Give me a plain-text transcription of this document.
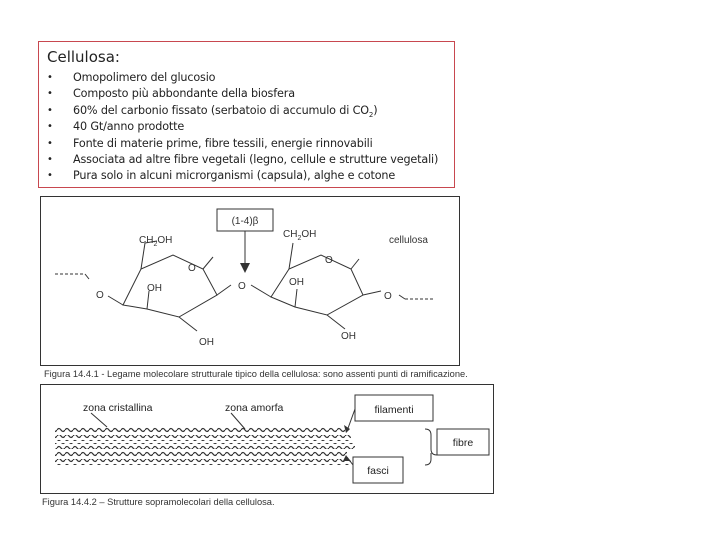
Cellulosa:
• Omopolimero del glucosio
• Composto più abbondante della biosfera
• 60% del carbonio fissato (serbatoio di accumulo di $CO_2$)
• 40 Gt/anno prodotte
• Fonte di materie prime, fibre tessili, energie rinnovabili
• Associata ad altre fibre vegetali (legno, cellule e strutture vegetali)
• Pura solo in alcuni microrganismi (capsula), alghe e cotone
(1-4)β
$CH_2OH$
O
OH
OH
O
O
$CH_2OH$
O
OH
OH
O
cellulosa
Figura 14.4.1 - Legame molecolare strutturale tipico della cellulosa: sono assenti punti di ramificazione.
zona cristallina	zona amorfa	filamenti
fibre
fasci
Figura 14.4.2 – Strutture sopramolecolari della cellulosa.
